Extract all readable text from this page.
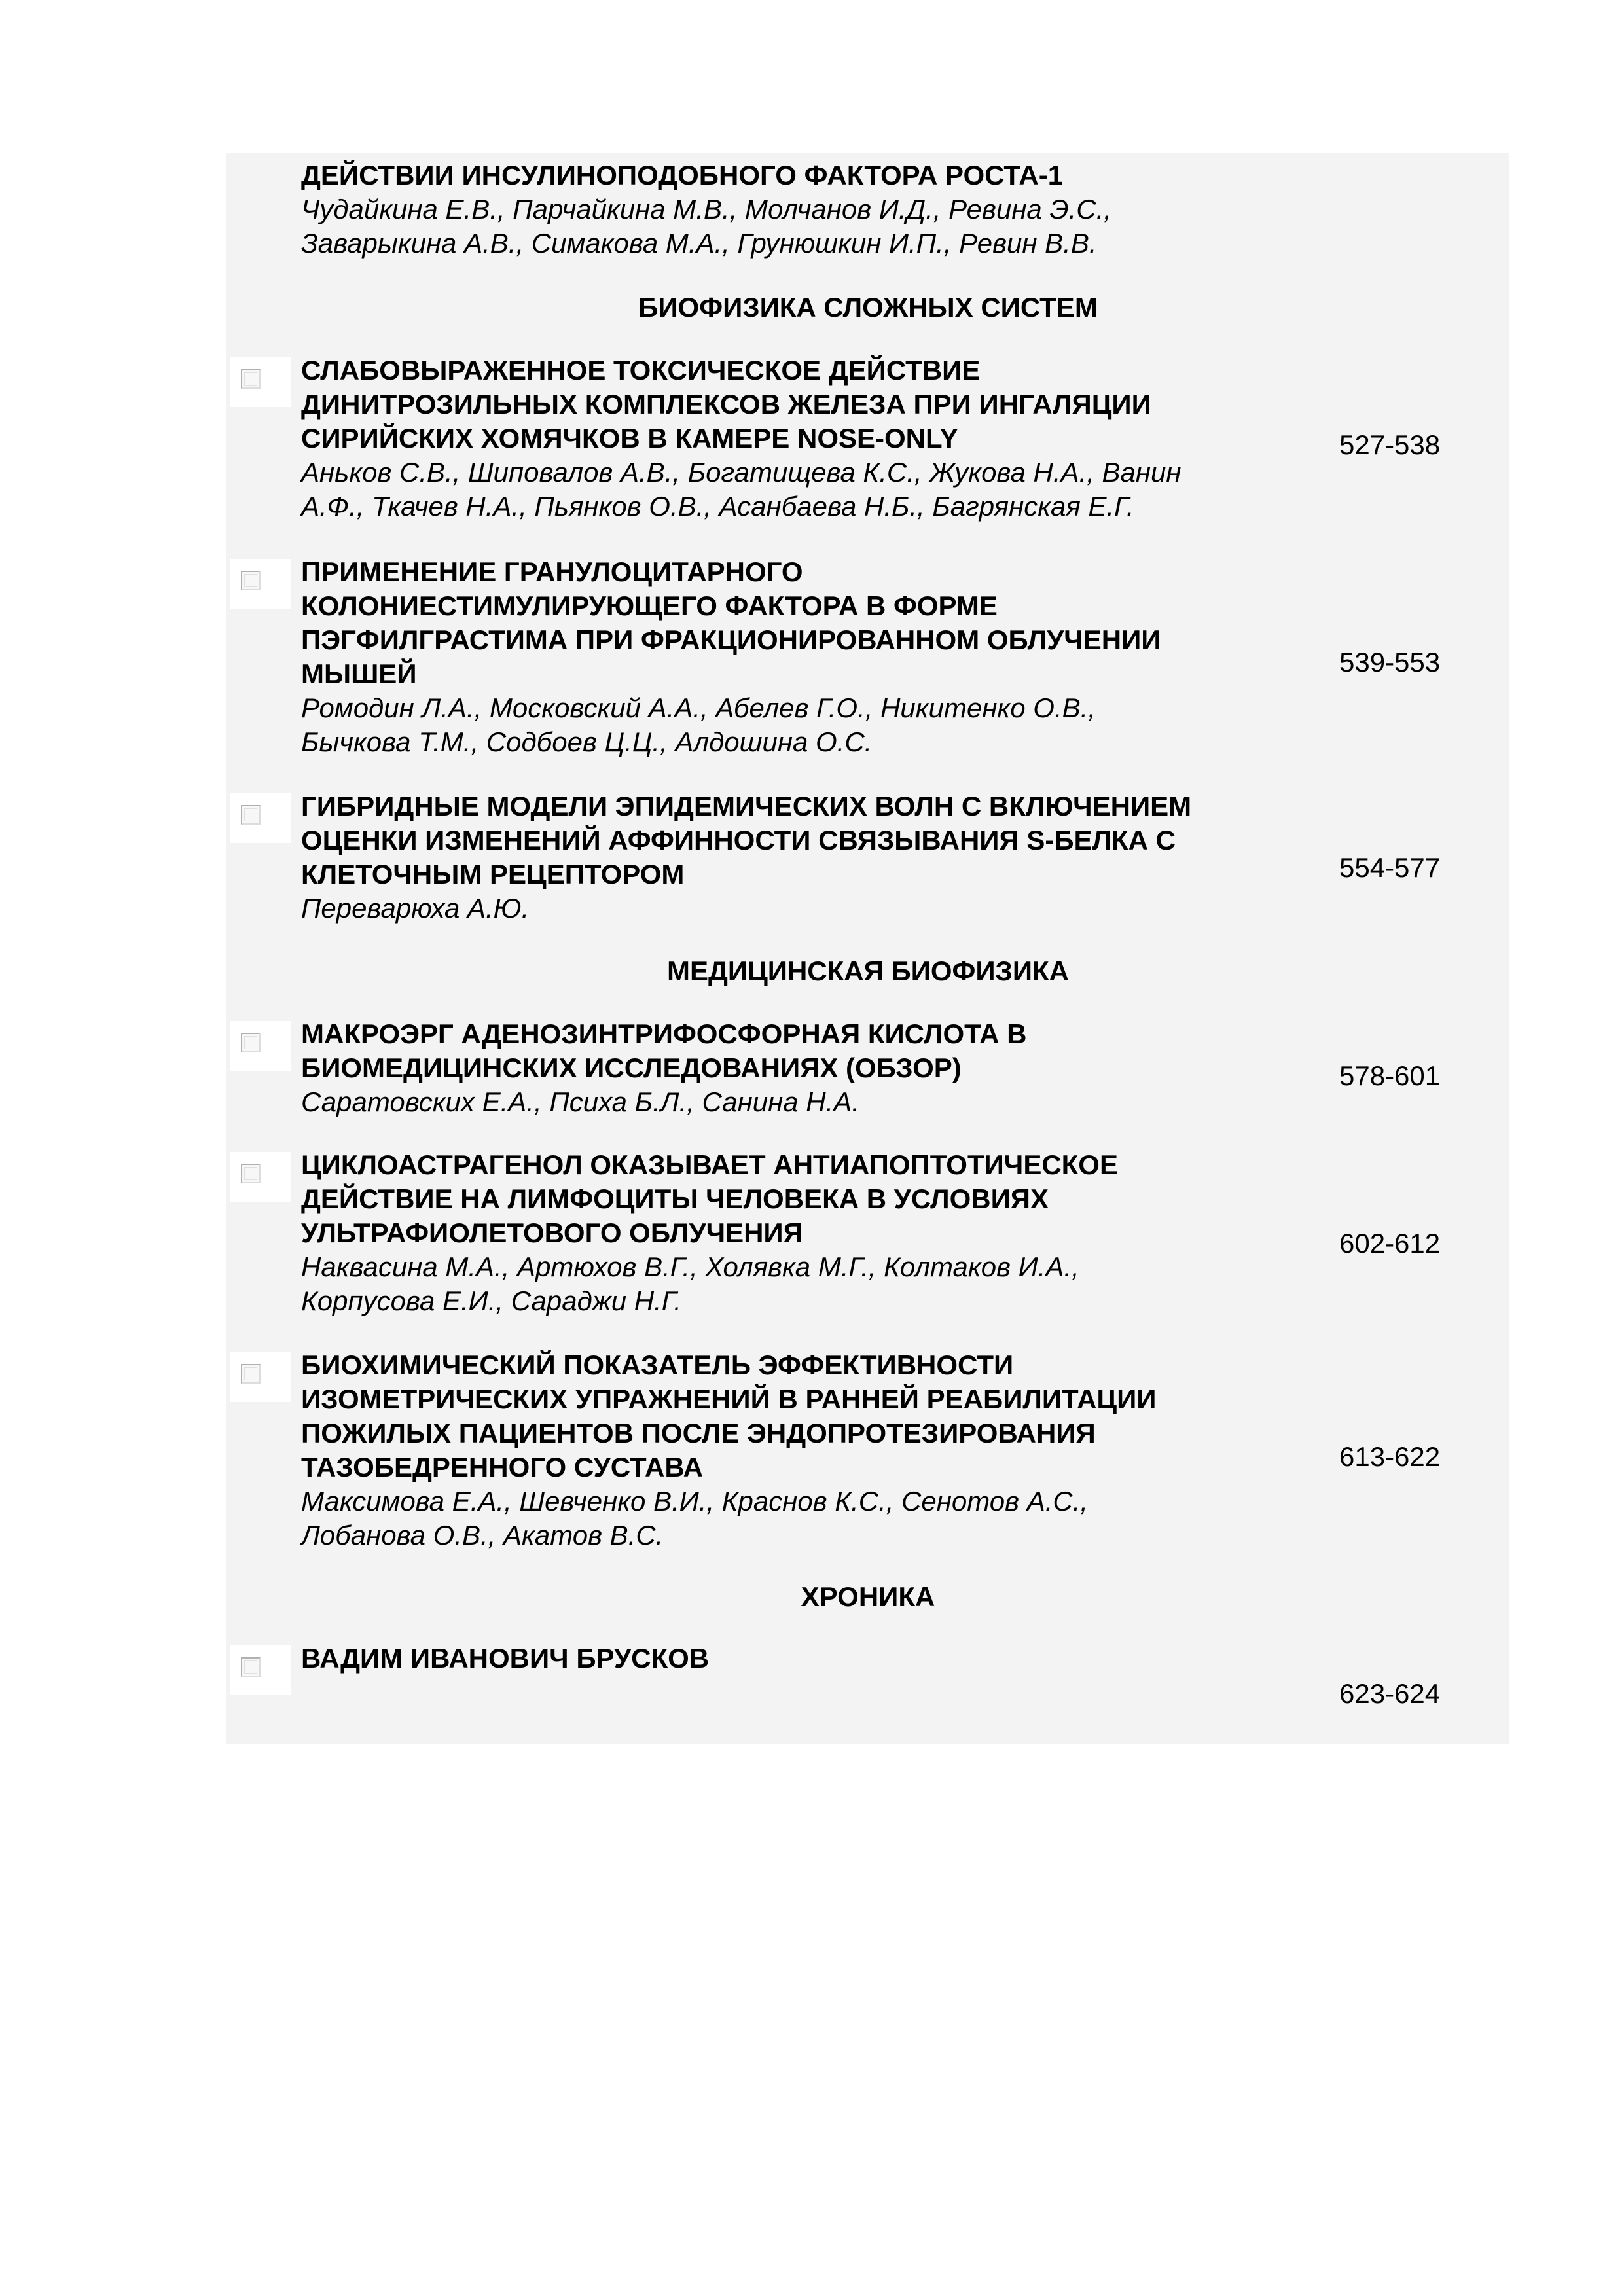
ДЕЙСТВИИ ИНСУЛИНОПОДОБНОГО ФАКТОРА РОСТА-1
Чудайкина Е.В., Парчайкина М.В., Молчанов И.Д., Ревина Э.С.,
Заварыкина А.В., Симакова М.А., Грунюшкин И.П., Ревин В.В.
БИОФИЗИКА СЛОЖНЫХ СИСТЕМ
СЛАБОВЫРАЖЕННОЕ ТОКСИЧЕСКОЕ ДЕЙСТВИЕ
ДИНИТРОЗИЛЬНЫХ КОМПЛЕКСОВ ЖЕЛЕЗА ПРИ ИНГАЛЯЦИИ
СИРИЙСКИХ ХОМЯЧКОВ В КАМЕРЕ NOSE-ONLY
Аньков С.В., Шиповалов А.В., Богатищева К.С., Жукова Н.А., Ванин
А.Ф., Ткачев Н.А., Пьянков О.В., Асанбаева Н.Б., Багрянская Е.Г.
527-538
ПРИМЕНЕНИЕ ГРАНУЛОЦИТАРНОГО
КОЛОНИЕСТИМУЛИРУЮЩЕГО ФАКТОРА В ФОРМЕ
ПЭГФИЛГРАСТИМА ПРИ ФРАКЦИОНИРОВАННОМ ОБЛУЧЕНИИ
МЫШЕЙ
Ромодин Л.А., Московский А.А., Абелев Г.О., Никитенко О.В.,
Бычкова Т.М., Содбоев Ц.Ц., Алдошина О.С.
539-553
ГИБРИДНЫЕ МОДЕЛИ ЭПИДЕМИЧЕСКИХ ВОЛН С ВКЛЮЧЕНИЕМ
ОЦЕНКИ ИЗМЕНЕНИЙ АФФИННОСТИ СВЯЗЫВАНИЯ S-БЕЛКА С
КЛЕТОЧНЫМ РЕЦЕПТОРОМ
Переварюха А.Ю.
554-577
МЕДИЦИНСКАЯ БИОФИЗИКА
МАКРОЭРГ АДЕНОЗИНТРИФОСФОРНАЯ КИСЛОТА В
БИОМЕДИЦИНСКИХ ИССЛЕДОВАНИЯХ (ОБЗОР)
Саратовских Е.А., Психа Б.Л., Санина Н.А.
578-601
ЦИКЛОАСТРАГЕНОЛ ОКАЗЫВАЕТ АНТИАПОПТОТИЧЕСКОЕ
ДЕЙСТВИЕ НА ЛИМФОЦИТЫ ЧЕЛОВЕКА В УСЛОВИЯХ
УЛЬТРАФИОЛЕТОВОГО ОБЛУЧЕНИЯ
Наквасина М.А., Артюхов В.Г., Холявка М.Г., Колтаков И.А.,
Корпусова Е.И., Сараджи Н.Г.
602-612
БИОХИМИЧЕСКИЙ ПОКАЗАТЕЛЬ ЭФФЕКТИВНОСТИ
ИЗОМЕТРИЧЕСКИХ УПРАЖНЕНИЙ В РАННЕЙ РЕАБИЛИТАЦИИ
ПОЖИЛЫХ ПАЦИЕНТОВ ПОСЛЕ ЭНДОПРОТЕЗИРОВАНИЯ
ТАЗОБЕДРЕННОГО СУСТАВА
Максимова Е.А., Шевченко В.И., Краснов К.С., Сенотов А.С.,
Лобанова О.В., Акатов В.С.
613-622
ХРОНИКА
ВАДИМ ИВАНОВИЧ БРУСКОВ
623-624
